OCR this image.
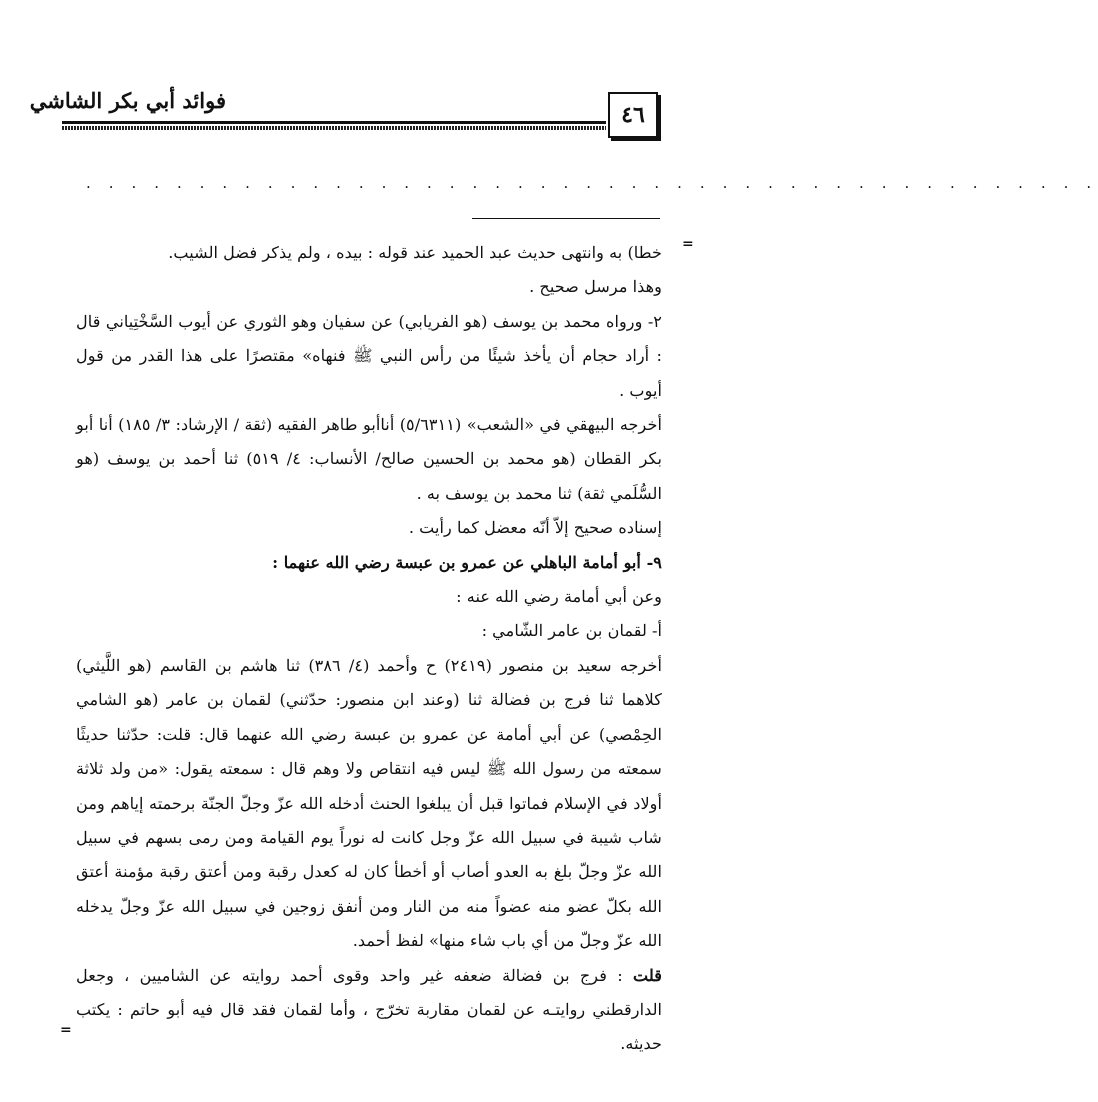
فوائد أبي بكر الشاشي
٤٦
. . . . . . . . . . . . . . . . . . . . . . . . . . . . . . . . . . . . . . . . . . . . .
=
=

خطا) به وانتهى حديث عبد الحميد عند قوله : بيده ، ولم يذكر فضل الشيب.

وهذا مرسل صحيح .

٢- ورواه محمد بن يوسف (هو الفريابي) عن سفيان وهو الثوري عن أيوب السَّخْتِياني قال : أراد حجام أن يأخذ شيئًا من رأس النبي ﷺ فنهاه» مقتصرًا على هذا القدر من قول أيوب .

أخرجه البيهقي في «الشعب» (٥/٦٣١١) أناأبو طاهر الفقيه (ثقة / الإرشاد: ٣/ ١٨٥) أنا أبو بكر القطان (هو محمد بن الحسين صالح/ الأنساب: ٤/ ٥١٩) ثنا أحمد بن يوسف (هو السُّلَمي ثقة) ثنا محمد بن يوسف به .

إسناده صحيح إلاّ أنّه معضل كما رأيت .

٩- أبو أمامة الباهلي عن عمرو بن عبسة رضي الله عنهما :

وعن أبي أمامة رضي الله عنه :

أ- لقمان بن عامر الشّامي :

أخرجه سعيد بن منصور (٢٤١٩) ح وأحمد (٤/ ٣٨٦) ثنا هاشم بن القاسم (هو اللَّيثي) كلاهما ثنا فرج بن فضالة ثنا (وعند ابن منصور: حدّثني) لقمان بن عامر (هو الشامي الحِمْصي) عن أبي أمامة عن عمرو بن عبسة رضي الله عنهما قال: قلت: حدّثنا حديثًا سمعته من رسول الله ﷺ ليس فيه انتقاص ولا وهم قال : سمعته يقول: «من ولد ثلاثة أولاد في الإسلام فماتوا قبل أن يبلغوا الحنث أدخله الله عزّ وجلّ الجنّة برحمته إياهم ومن شاب شيبة في سبيل الله عزّ وجل كانت له نوراً يوم القيامة ومن رمى بسهم في سبيل الله عزّ وجلّ بلغ به العدو أصاب أو أخطأ كان له كعدل رقبة ومن أعتق رقبة مؤمنة أعتق الله بكلّ عضو منه عضواً منه من النار ومن أنفق زوجين في سبيل الله عزّ وجلّ يدخله الله عزّ وجلّ من أي باب شاء منها» لفظ أحمد.

قلت : فرج بن فضالة ضعفه غير واحد وقوى أحمد روايته عن الشاميين ، وجعل الدارقطني روايتـه عن لقمان مقاربة تخرّج ، وأما لقمان فقد قال فيه أبو حاتم : يكتب حديثه.
